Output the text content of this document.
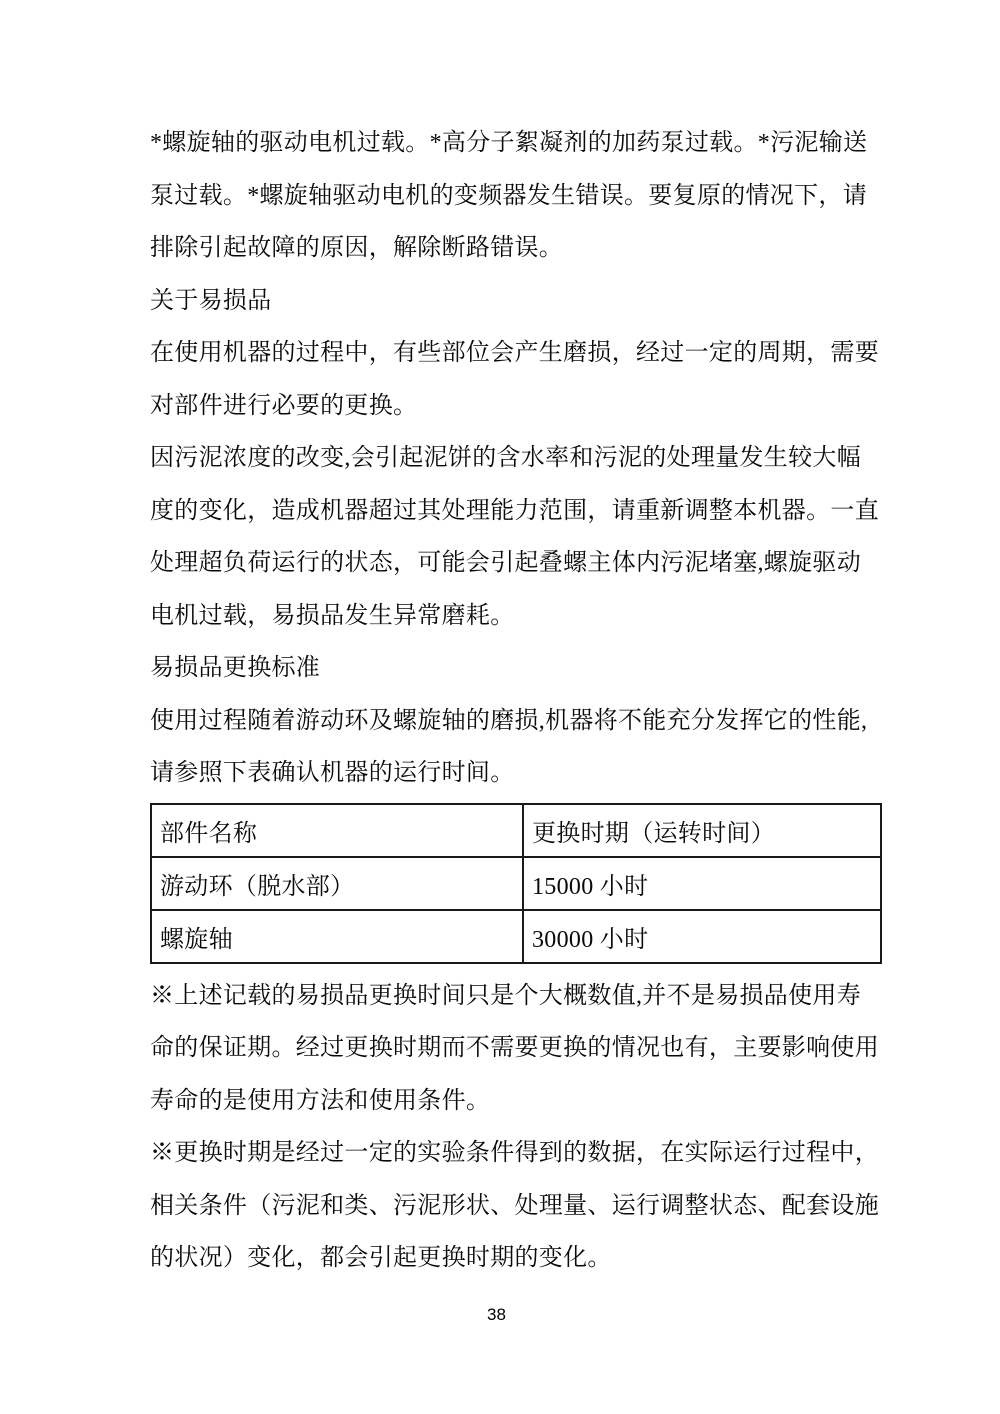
*螺旋轴的驱动电机过载。*高分子絮凝剂的加药泵过载。*污泥输送
泵过载。*螺旋轴驱动电机的变频器发生错误。要复原的情况下，请
排除引起故障的原因，解除断路错误。
关于易损品
在使用机器的过程中，有些部位会产生磨损，经过一定的周期，需要
对部件进行必要的更换。
因污泥浓度的改变,会引起泥饼的含水率和污泥的处理量发生较大幅
度的变化，造成机器超过其处理能力范围，请重新调整本机器。一直
处理超负荷运行的状态，可能会引起叠螺主体内污泥堵塞,螺旋驱动
电机过载，易损品发生异常磨耗。
易损品更换标准
使用过程随着游动环及螺旋轴的磨损,机器将不能充分发挥它的性能,
请参照下表确认机器的运行时间。
部件名称	更换时期（运转时间）
游动环（脱水部）	15000 小时
螺旋轴	30000 小时
※上述记载的易损品更换时间只是个大概数值,并不是易损品使用寿
命的保证期。经过更换时期而不需要更换的情况也有，主要影响使用
寿命的是使用方法和使用条件。
※更换时期是经过一定的实验条件得到的数据，在实际运行过程中，
相关条件（污泥和类、污泥形状、处理量、运行调整状态、配套设施
的状况）变化，都会引起更换时期的变化。
38
